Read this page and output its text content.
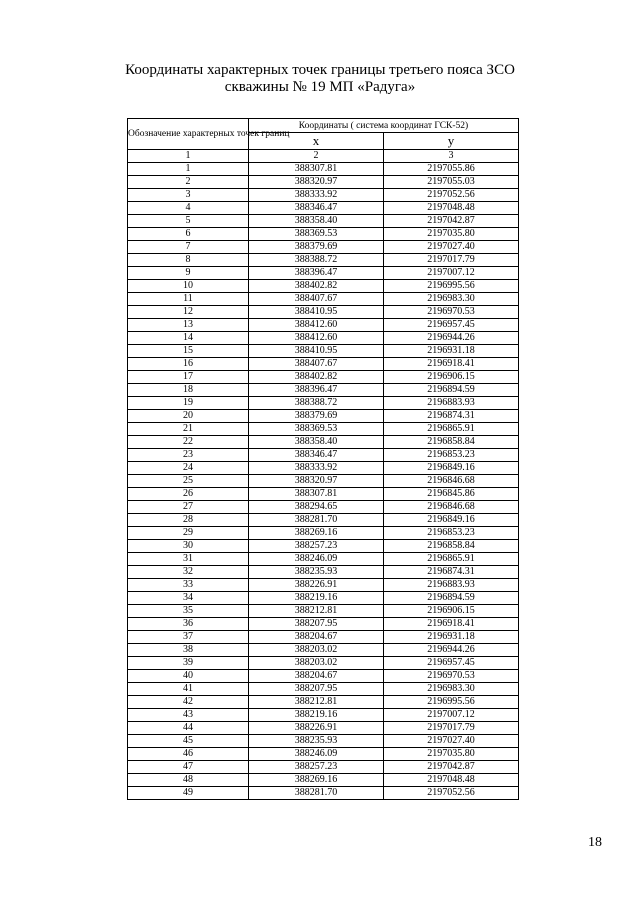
Координаты характерных точек границы третьего пояса ЗСО
скважины № 19 МП «Радуга»
Обозначение характерных точек границ	Координаты ( система координат ГСК-52)	
	x	y
1	2	3
1	388307.81	2197055.86
2	388320.97	2197055.03
3	388333.92	2197052.56
4	388346.47	2197048.48
5	388358.40	2197042.87
6	388369.53	2197035.80
7	388379.69	2197027.40
8	388388.72	2197017.79
9	388396.47	2197007.12
10	388402.82	2196995.56
11	388407.67	2196983.30
12	388410.95	2196970.53
13	388412.60	2196957.45
14	388412.60	2196944.26
15	388410.95	2196931.18
16	388407.67	2196918.41
17	388402.82	2196906.15
18	388396.47	2196894.59
19	388388.72	2196883.93
20	388379.69	2196874.31
21	388369.53	2196865.91
22	388358.40	2196858.84
23	388346.47	2196853.23
24	388333.92	2196849.16
25	388320.97	2196846.68
26	388307.81	2196845.86
27	388294.65	2196846.68
28	388281.70	2196849.16
29	388269.16	2196853.23
30	388257.23	2196858.84
31	388246.09	2196865.91
32	388235.93	2196874.31
33	388226.91	2196883.93
34	388219.16	2196894.59
35	388212.81	2196906.15
36	388207.95	2196918.41
37	388204.67	2196931.18
38	388203.02	2196944.26
39	388203.02	2196957.45
40	388204.67	2196970.53
41	388207.95	2196983.30
42	388212.81	2196995.56
43	388219.16	2197007.12
44	388226.91	2197017.79
45	388235.93	2197027.40
46	388246.09	2197035.80
47	388257.23	2197042.87
48	388269.16	2197048.48
49	388281.70	2197052.56
18
